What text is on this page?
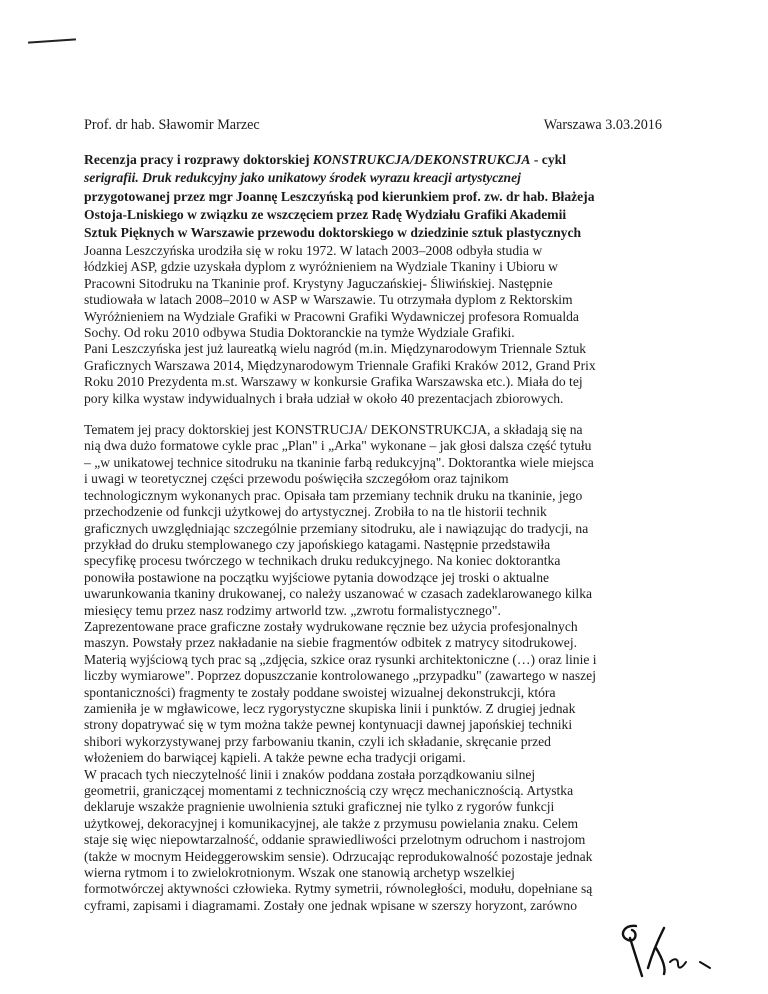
Prof. dr hab. Sławomir Marzec	Warszawa 3.03.2016
Recenzja pracy i rozprawy doktorskiej KONSTRUKCJA/DEKONSTRUKCJA - cykl
serigrafii. Druk redukcyjny jako unikatowy środek wyrazu kreacji artystycznej
przygotowanej przez mgr Joannę Leszczyńską pod kierunkiem prof. zw. dr hab. Błażeja
Ostoja-Lniskiego w związku ze wszczęciem przez Radę Wydziału Grafiki Akademii
Sztuk Pięknych w Warszawie przewodu doktorskiego w dziedzinie sztuk plastycznych
Joanna Leszczyńska urodziła się w roku 1972. W latach 2003–2008 odbyła studia w
łódzkiej ASP, gdzie uzyskała dyplom z wyróżnieniem na Wydziale Tkaniny i Ubioru w
Pracowni Sitodruku na Tkaninie prof. Krystyny Jaguczańskiej- Śliwińskiej. Następnie
studiowała w latach 2008–2010 w ASP w Warszawie. Tu otrzymała dyplom z Rektorskim
Wyróżnieniem na Wydziale Grafiki w Pracowni Grafiki Wydawniczej profesora Romualda
Sochy. Od roku 2010 odbywa Studia Doktoranckie na tymże Wydziale Grafiki.
Pani Leszczyńska jest już laureatką wielu nagród (m.in. Międzynarodowym Triennale Sztuk
Graficznych Warszawa 2014, Międzynarodowym Triennale Grafiki Kraków 2012, Grand Prix
Roku 2010 Prezydenta m.st. Warszawy w konkursie Grafika Warszawska etc.). Miała do tej
pory kilka wystaw indywidualnych i brała udział w około 40 prezentacjach zbiorowych.
Tematem jej pracy doktorskiej jest KONSTRUCJA/ DEKONSTRUKCJA, a składają się na
nią dwa dużo formatowe cykle prac „Plan" i „Arka" wykonane – jak głosi dalsza część tytułu
– „w unikatowej technice sitodruku na tkaninie farbą redukcyjną". Doktorantka wiele miejsca
i uwagi w teoretycznej części przewodu poświęciła szczegółom oraz tajnikom
technologicznym wykonanych prac. Opisała tam przemiany technik druku na tkaninie, jego
przechodzenie od funkcji użytkowej do artystycznej. Zrobiła to na tle historii technik
graficznych uwzględniając szczególnie przemiany sitodruku, ale i nawiązując do tradycji, na
przykład do druku stemplowanego czy japońskiego katagami. Następnie przedstawiła
specyfikę procesu twórczego w technikach druku redukcyjnego. Na koniec doktorantka
ponowiła postawione na początku wyjściowe pytania dowodzące jej troski o aktualne
uwarunkowania tkaniny drukowanej, co należy uszanować w czasach zadeklarowanego kilka
miesięcy temu przez nasz rodzimy artworld tzw. „zwrotu formalistycznego".
Zaprezentowane prace graficzne zostały wydrukowane ręcznie bez użycia profesjonalnych
maszyn. Powstały przez nakładanie na siebie fragmentów odbitek z matrycy sitodrukowej.
Materią wyjściową tych prac są „zdjęcia, szkice oraz rysunki architektoniczne (…) oraz linie i
liczby wymiarowe". Poprzez dopuszczanie kontrolowanego „przypadku" (zawartego w naszej
spontaniczności) fragmenty te zostały poddane swoistej wizualnej dekonstrukcji, która
zamieniła je w mgławicowe, lecz rygorystyczne skupiska linii i punktów. Z drugiej jednak
strony dopatrywać się w tym można także pewnej kontynuacji dawnej japońskiej techniki
shibori wykorzystywanej przy farbowaniu tkanin, czyli ich składanie, skręcanie przed
włożeniem do barwiącej kąpieli. A także pewne echa tradycji origami.
W pracach tych nieczytelność linii i znaków poddana została porządkowaniu silnej
geometrii, graniczącej momentami z technicznością czy wręcz mechanicznością. Artystka
deklaruje wszakże pragnienie uwolnienia sztuki graficznej nie tylko z rygorów funkcji
użytkowej, dekoracyjnej i komunikacyjnej, ale także z przymusu powielania znaku. Celem
staje się więc niepowtarzalność, oddanie sprawiedliwości przelotnym odruchom i nastrojom
(także w mocnym Heideggerowskim sensie). Odrzucając reprodukowalność pozostaje jednak
wierna rytmom i to zwielokrotnionym. Wszak one stanowią archetyp wszelkiej
formotwórczej aktywności człowieka. Rytmy symetrii, równoległości, modułu, dopełniane są
cyframi, zapisami i diagramami. Zostały one jednak wpisane w szerszy horyzont, zarówno
